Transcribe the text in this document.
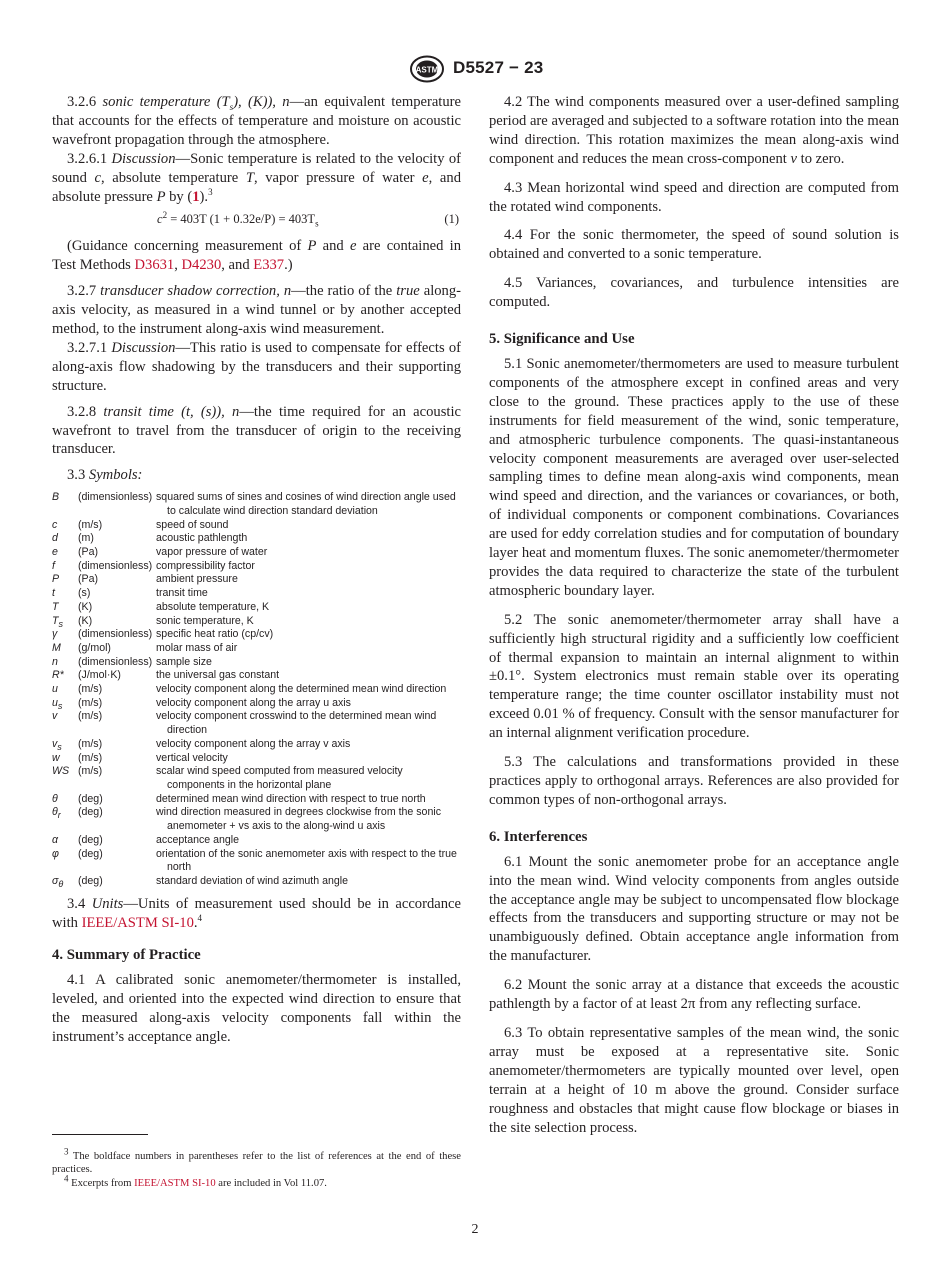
ASTM D5527 − 23

3.2.6 sonic temperature $(T_s)$, (K)), n—an equivalent temperature that accounts for the effects of temperature and moisture on acoustic wavefront propagation through the atmosphere.

3.2.6.1 Discussion—Sonic temperature is related to the velocity of sound c, absolute temperature T, vapor pressure of water e, and absolute pressure P by (1).$^3$

$c^2 = 403T$ $(1 + 0.32e/P) = 403T_s$	(1)

(Guidance concerning measurement of P and e are contained in Test Methods D3631, D4230, and E337.)

3.2.7 transducer shadow correction, n—the ratio of the true along-axis velocity, as measured in a wind tunnel or by another accepted method, to the instrument along-axis wind measurement.

3.2.7.1 Discussion—This ratio is used to compensate for effects of along-axis flow shadowing by the transducers and their supporting structure.

3.2.8 transit time (t, (s)), n—the time required for an acoustic wavefront to travel from the transducer of origin to the receiving transducer.

3.3 Symbols:

B	(dimensionless)	squared sums of sines and cosines of wind direction angle used to calculate wind direction standard deviation
c	(m/s)	speed of sound
d	(m)	acoustic pathlength
e	(Pa)	vapor pressure of water
f	(dimensionless)	compressibility factor
P	(Pa)	ambient pressure
t	(s)	transit time
T	(K)	absolute temperature, K
$T_s$	(K)	sonic temperature, K
γ	(dimensionless)	specific heat ratio (cp/cv)
M	(g/mol)	molar mass of air
n	(dimensionless)	sample size
R*	(J/mol·K)	the universal gas constant
u	(m/s)	velocity component along the determined mean wind direction
$u_s$	(m/s)	velocity component along the array u axis
v	(m/s)	velocity component crosswind to the determined mean wind direction
$v_s$	(m/s)	velocity component along the array v axis
w	(m/s)	vertical velocity
WS	(m/s)	scalar wind speed computed from measured velocity components in the horizontal plane
θ	(deg)	determined mean wind direction with respect to true north
$\theta_r$	(deg)	wind direction measured in degrees clockwise from the sonic anemometer + vs axis to the along-wind u axis
α	(deg)	acceptance angle
φ	(deg)	orientation of the sonic anemometer axis with respect to the true north
$\sigma_\theta$	(deg)	standard deviation of wind azimuth angle

3.4 Units—Units of measurement used should be in accordance with IEEE/ASTM SI-10.$^4$

4. Summary of Practice

4.1 A calibrated sonic anemometer/thermometer is installed, leveled, and oriented into the expected wind direction to ensure that the measured along-axis velocity components fall within the instrument’s acceptance angle.

$^3$ The boldface numbers in parentheses refer to the list of references at the end of these practices.

$^4$ Excerpts from IEEE/ASTM SI-10 are included in Vol 11.07.

4.2 The wind components measured over a user-defined sampling period are averaged and subjected to a software rotation into the mean wind direction. This rotation maximizes the mean along-axis wind component and reduces the mean cross-component v to zero.

4.3 Mean horizontal wind speed and direction are computed from the rotated wind components.

4.4 For the sonic thermometer, the speed of sound solution is obtained and converted to a sonic temperature.

4.5 Variances, covariances, and turbulence intensities are computed.

5. Significance and Use

5.1 Sonic anemometer/thermometers are used to measure turbulent components of the atmosphere except in confined areas and very close to the ground. These practices apply to the use of these instruments for field measurement of the wind, sonic temperature, and atmospheric turbulence components. The quasi-instantaneous velocity component measurements are averaged over user-selected sampling times to define mean along-axis wind components, mean wind speed and direction, and the variances or covariances, or both, of individual components or component combinations. Covariances are used for eddy correlation studies and for computation of boundary layer heat and momentum fluxes. The sonic anemometer/thermometer provides the data required to characterize the state of the turbulent atmospheric boundary layer.

5.2 The sonic anemometer/thermometer array shall have a sufficiently high structural rigidity and a sufficiently low coefficient of thermal expansion to maintain an internal alignment to within ±0.1°. System electronics must remain stable over its operating temperature range; the time counter oscillator instability must not exceed 0.01 % of frequency. Consult with the sensor manufacturer for an internal alignment verification procedure.

5.3 The calculations and transformations provided in these practices apply to orthogonal arrays. References are also provided for common types of non-orthogonal arrays.

6. Interferences

6.1 Mount the sonic anemometer probe for an acceptance angle into the mean wind. Wind velocity components from angles outside the acceptance angle may be subject to uncompensated flow blockage effects from the transducers and supporting structure or may not be unambiguously defined. Obtain acceptance angle information from the manufacturer.

6.2 Mount the sonic array at a distance that exceeds the acoustic pathlength by a factor of at least 2π from any reflecting surface.

6.3 To obtain representative samples of the mean wind, the sonic array must be exposed at a representative site. Sonic anemometer/thermometers are typically mounted over level, open terrain at a height of 10 m above the ground. Consider surface roughness and obstacles that might cause flow blockage or biases in the site selection process.

2
